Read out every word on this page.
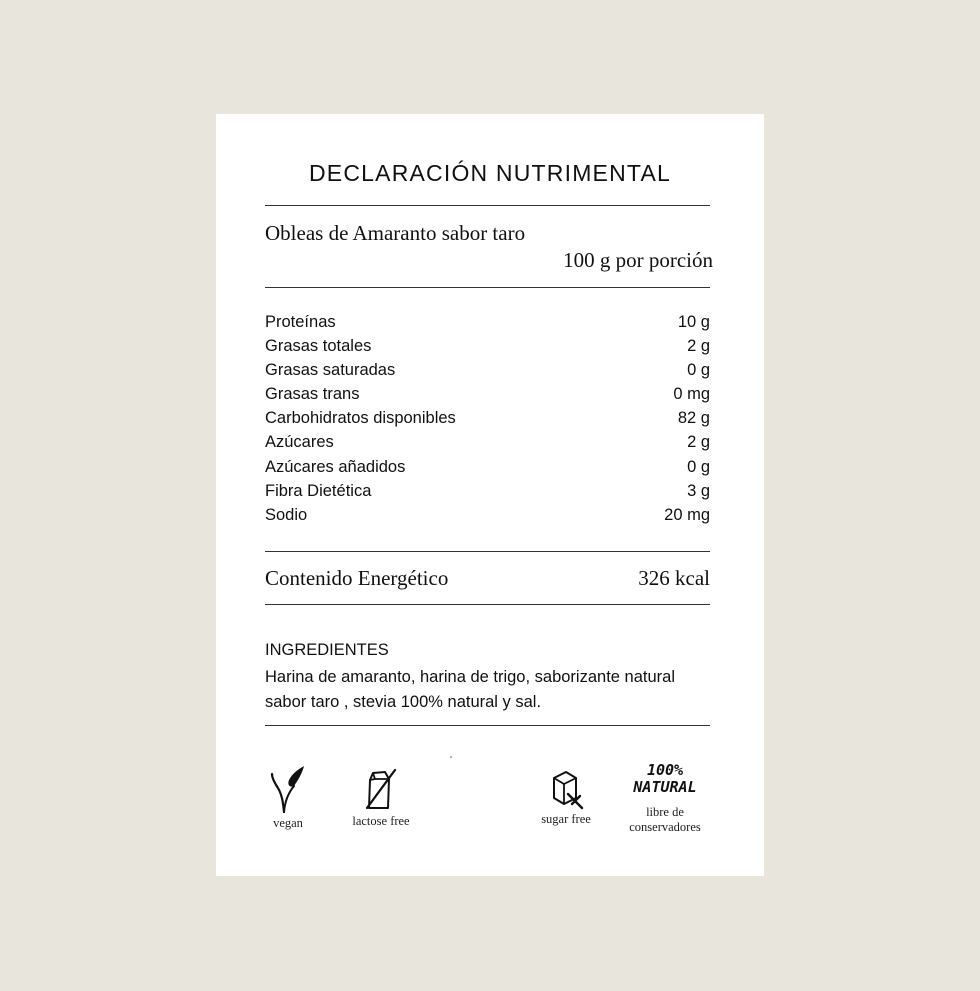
DECLARACIÓN NUTRIMENTAL
Obleas de Amaranto sabor taro
100 g por porción
Proteínas	10 g
Grasas totales	2 g
Grasas saturadas	0 g
Grasas trans	0 mg
Carbohidratos disponibles	82 g
Azúcares	2 g
Azúcares añadidos	0 g
Fibra Dietética	3 g
Sodio	20 mg
Contenido Energético	326 kcal
INGREDIENTES
Harina de amaranto, harina de trigo, saborizante natural sabor taro , stevia 100% natural y sal.
vegan	lactose free	sugar free
100%
NATURAL
libre de
conservadores
